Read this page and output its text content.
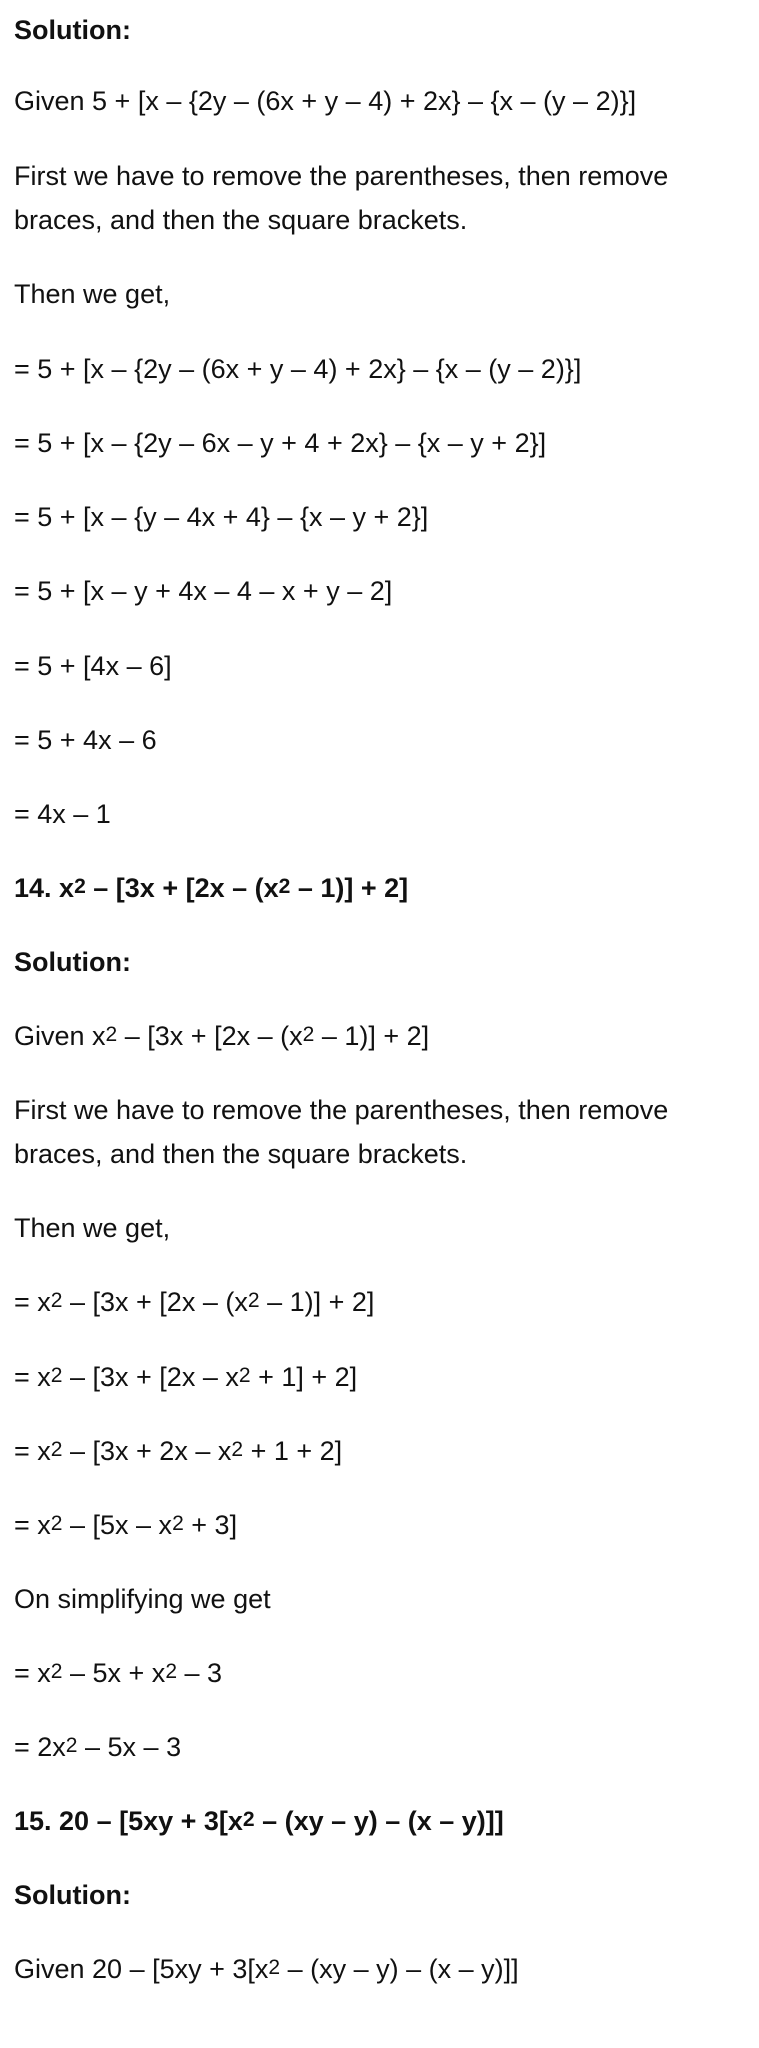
Solution:
Given 5 + [x – {2y – (6x + y – 4) + 2x} – {x – (y – 2)}]
First we have to remove the parentheses, then remove
braces, and then the square brackets.
Then we get,
= 5 + [x – {2y – (6x + y – 4) + 2x} – {x – (y – 2)}]
= 5 + [x – {2y – 6x – y + 4 + 2x} – {x – y + 2}]
= 5 + [x – {y – 4x + 4} – {x – y + 2}]
= 5 + [x – y + 4x – 4 – x + y – 2]
= 5 + [4x – 6]
= 5 + 4x – 6
= 4x – 1
14. $x^2 - [3x + [2x - (x^2 - 1)] + 2]$
Solution:
Given $x^2 - [3x + [2x - (x^2 - 1)] + 2]$
First we have to remove the parentheses, then remove
braces, and then the square brackets.
Then we get,
= $x^2 - [3x + [2x - (x^2 - 1)] + 2]$
= $x^2 - [3x + [2x - x^2 + 1] + 2]$
= $x^2 - [3x + 2x - x^2 + 1 + 2]$
= $x^2 - [5x - x^2 + 3]$
On simplifying we get
= $x^2 - 5x + x^2 - 3$
= $2x^2 - 5x - 3$
15. $20 - [5xy + 3[x^2 - (xy - y) - (x - y)]]$
Solution:
Given $20 - [5xy + 3[x^2 - (xy - y) - (x - y)]]$
